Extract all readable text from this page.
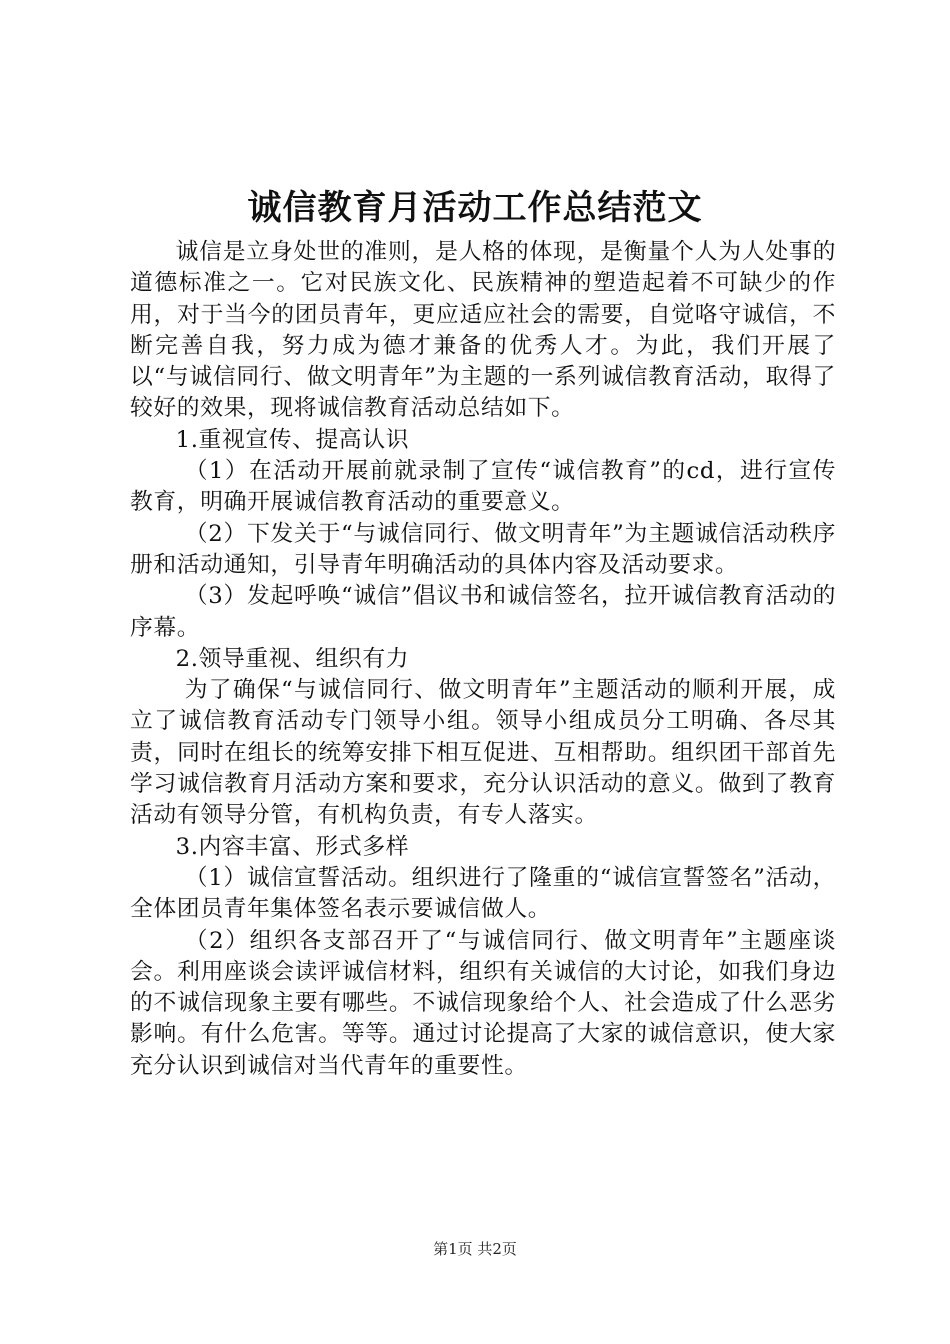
诚信教育月活动工作总结范文

诚信是立身处世的准则，是人格的体现，是衡量个人为人处事的道德标准之一。它对民族文化、民族精神的塑造起着不可缺少的作用，对于当今的团员青年，更应适应社会的需要，自觉咯守诚信，不断完善自我，努力成为德才兼备的优秀人才。为此，我们开展了以“与诚信同行、做文明青年”为主题的一系列诚信教育活动，取得了较好的效果，现将诚信教育活动总结如下。

1.重视宣传、提高认识

（1）在活动开展前就录制了宣传“诚信教育”的cd，进行宣传教育，明确开展诚信教育活动的重要意义。

（2）下发关于“与诚信同行、做文明青年”为主题诚信活动秩序册和活动通知，引导青年明确活动的具体内容及活动要求。

（3）发起呼唤“诚信”倡议书和诚信签名，拉开诚信教育活动的序幕。

2.领导重视、组织有力

为了确保“与诚信同行、做文明青年”主题活动的顺利开展，成立了诚信教育活动专门领导小组。领导小组成员分工明确、各尽其责，同时在组长的统筹安排下相互促进、互相帮助。组织团干部首先学习诚信教育月活动方案和要求，充分认识活动的意义。做到了教育活动有领导分管，有机构负责，有专人落实。

3.内容丰富、形式多样

（1）诚信宣誓活动。组织进行了隆重的“诚信宣誓签名”活动，全体团员青年集体签名表示要诚信做人。

（2）组织各支部召开了“与诚信同行、做文明青年”主题座谈会。利用座谈会读评诚信材料，组织有关诚信的大讨论，如我们身边的不诚信现象主要有哪些。不诚信现象给个人、社会造成了什么恶劣影响。有什么危害。等等。通过讨论提高了大家的诚信意识，使大家充分认识到诚信对当代青年的重要性。

第1页 共2页
